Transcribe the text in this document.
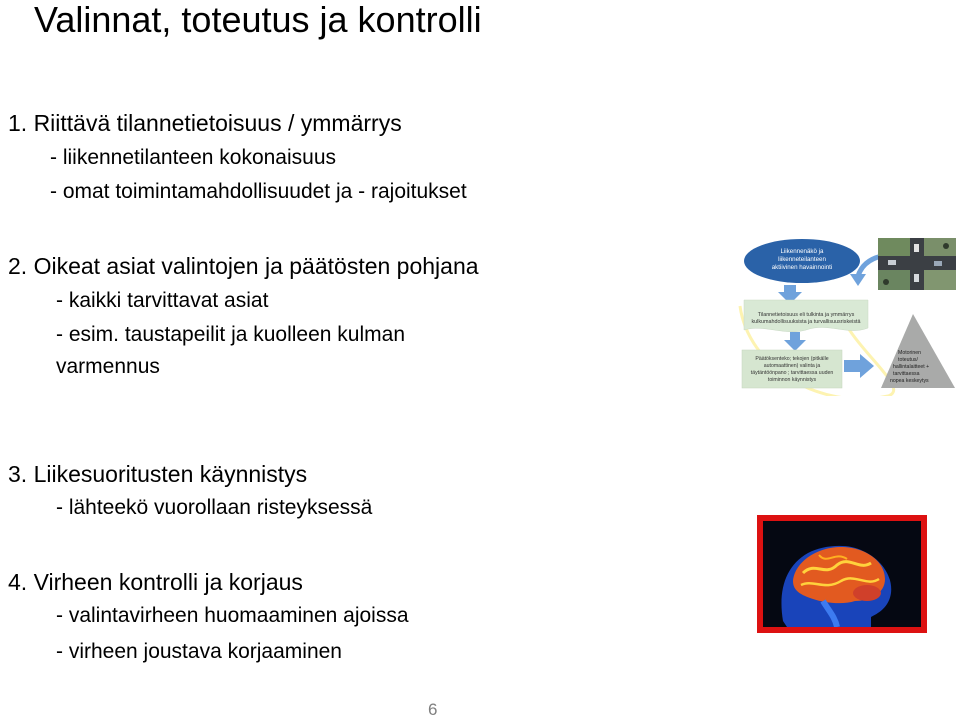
Valinnat, toteutus ja kontrolli
1. Riittävä tilannetietoisuus / ymmärrys
- liikennetilanteen kokonaisuus
- omat toimintamahdollisuudet ja - rajoitukset
2. Oikeat asiat valintojen ja päätösten pohjana
- kaikki tarvittavat asiat
- esim. taustapeilit ja kuolleen kulman
varmennus
3. Liikesuoritusten käynnistys
- lähteekö vuorollaan risteyksessä
4. Virheen kontrolli ja korjaus
- valintavirheen huomaaminen ajoissa
- virheen joustava korjaaminen
Liikennenäkö ja
liikenneteilanteen
aktiivinen havainnointi
Tilannetietoisuus eli tulkinta ja ymmärrys
kulkumahdollisuuksista ja turvallisuusriskeistä
Päätöksenteko; tekojen (pitkälle
automaattinen) valinta ja
täytäntöönpano ; tarvittaessa uuden
toiminnon käynnistys
Motorinen
toteutus/
hallintalaitteet +
tarvittaessa
nopea keskeytys
6
